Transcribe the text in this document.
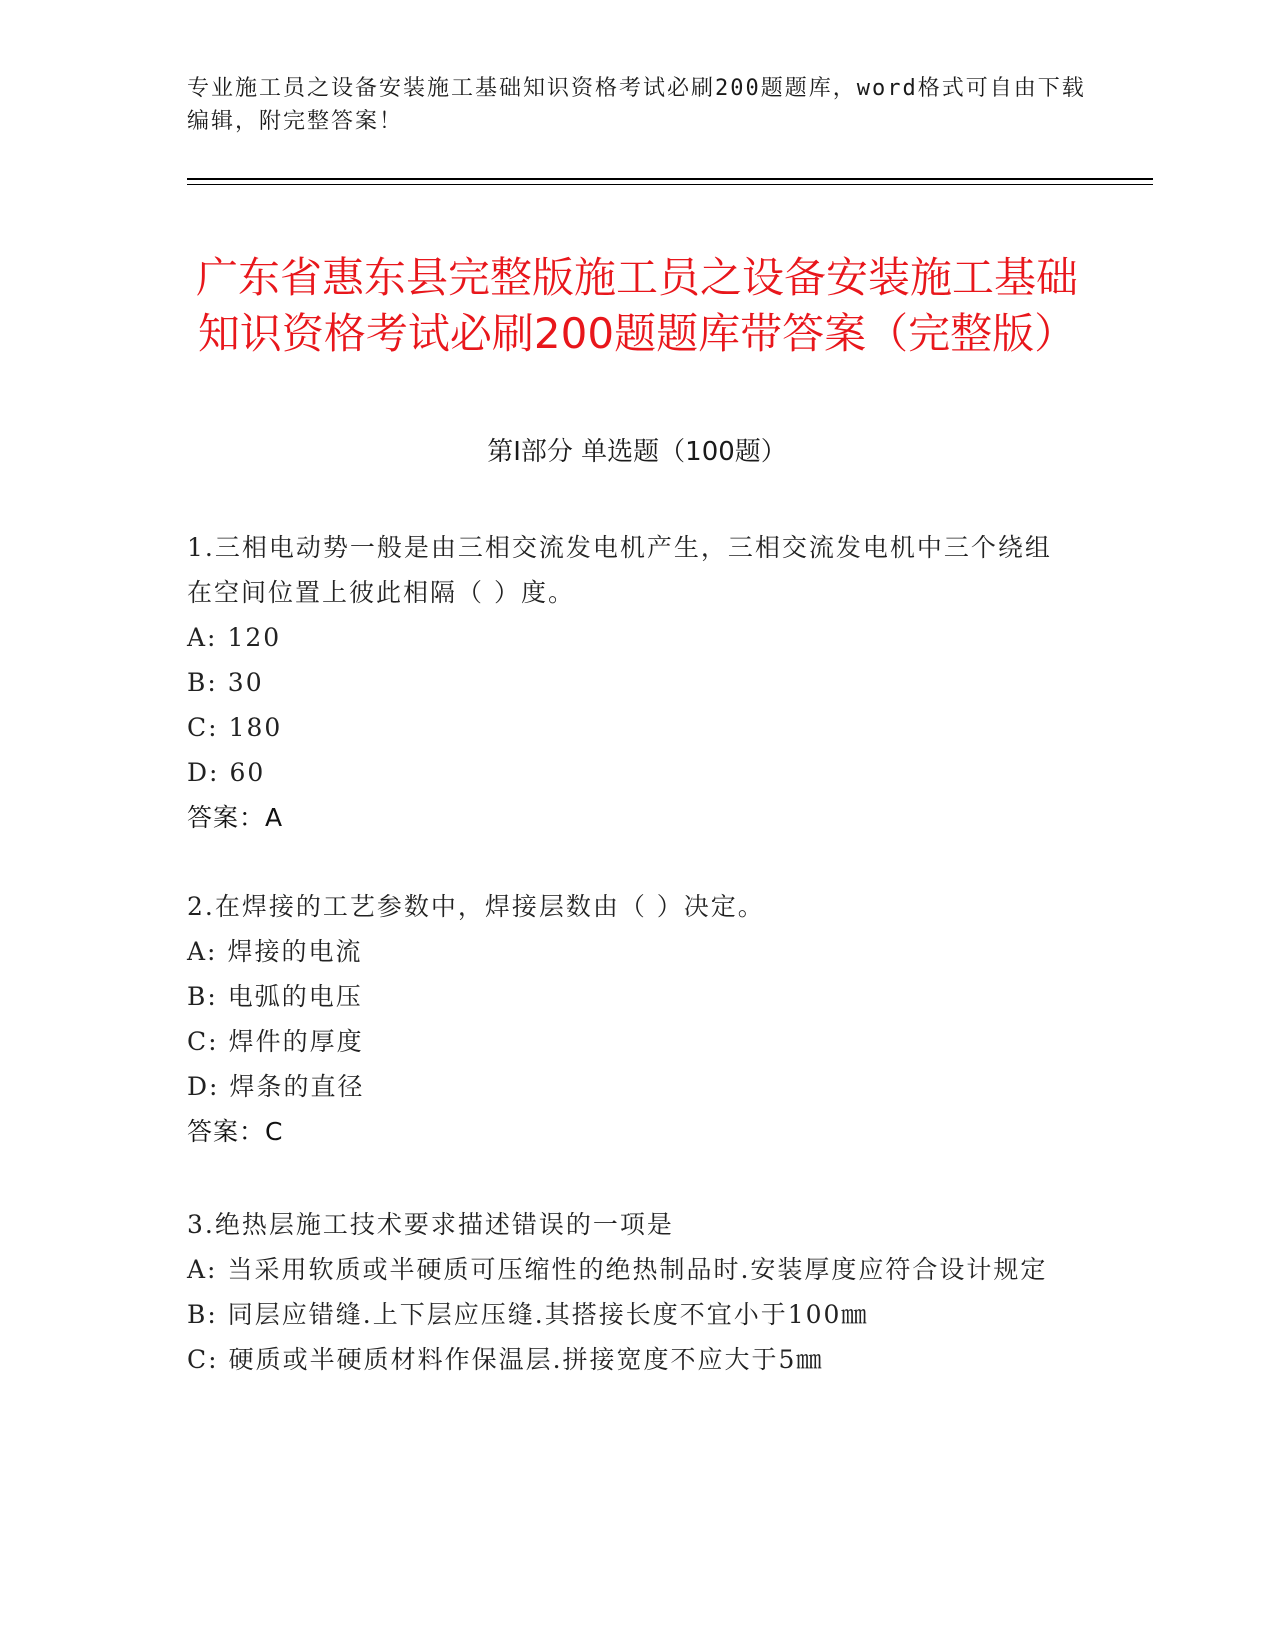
专业施工员之设备安装施工基础知识资格考试必刷200题题库，word格式可自由下载编辑，附完整答案！
广东省惠东县完整版施工员之设备安装施工基础知识资格考试必刷200题题库带答案（完整版）
第Ⅰ部分 单选题（100题）

1.三相电动势一般是由三相交流发电机产生，三相交流发电机中三个绕组在空间位置上彼此相隔（ ）度。

A: 120
B: 30
C: 180
D: 60
答案：A

2.在焊接的工艺参数中，焊接层数由（ ）决定。

A: 焊接的电流
B: 电弧的电压
C: 焊件的厚度
D: 焊条的直径
答案：C

3.绝热层施工技术要求描述错误的一项是

A: 当采用软质或半硬质可压缩性的绝热制品时.安装厚度应符合设计规定
B: 同层应错缝.上下层应压缝.其搭接长度不宜小于100㎜
C: 硬质或半硬质材料作保温层.拼接宽度不应大于5㎜
